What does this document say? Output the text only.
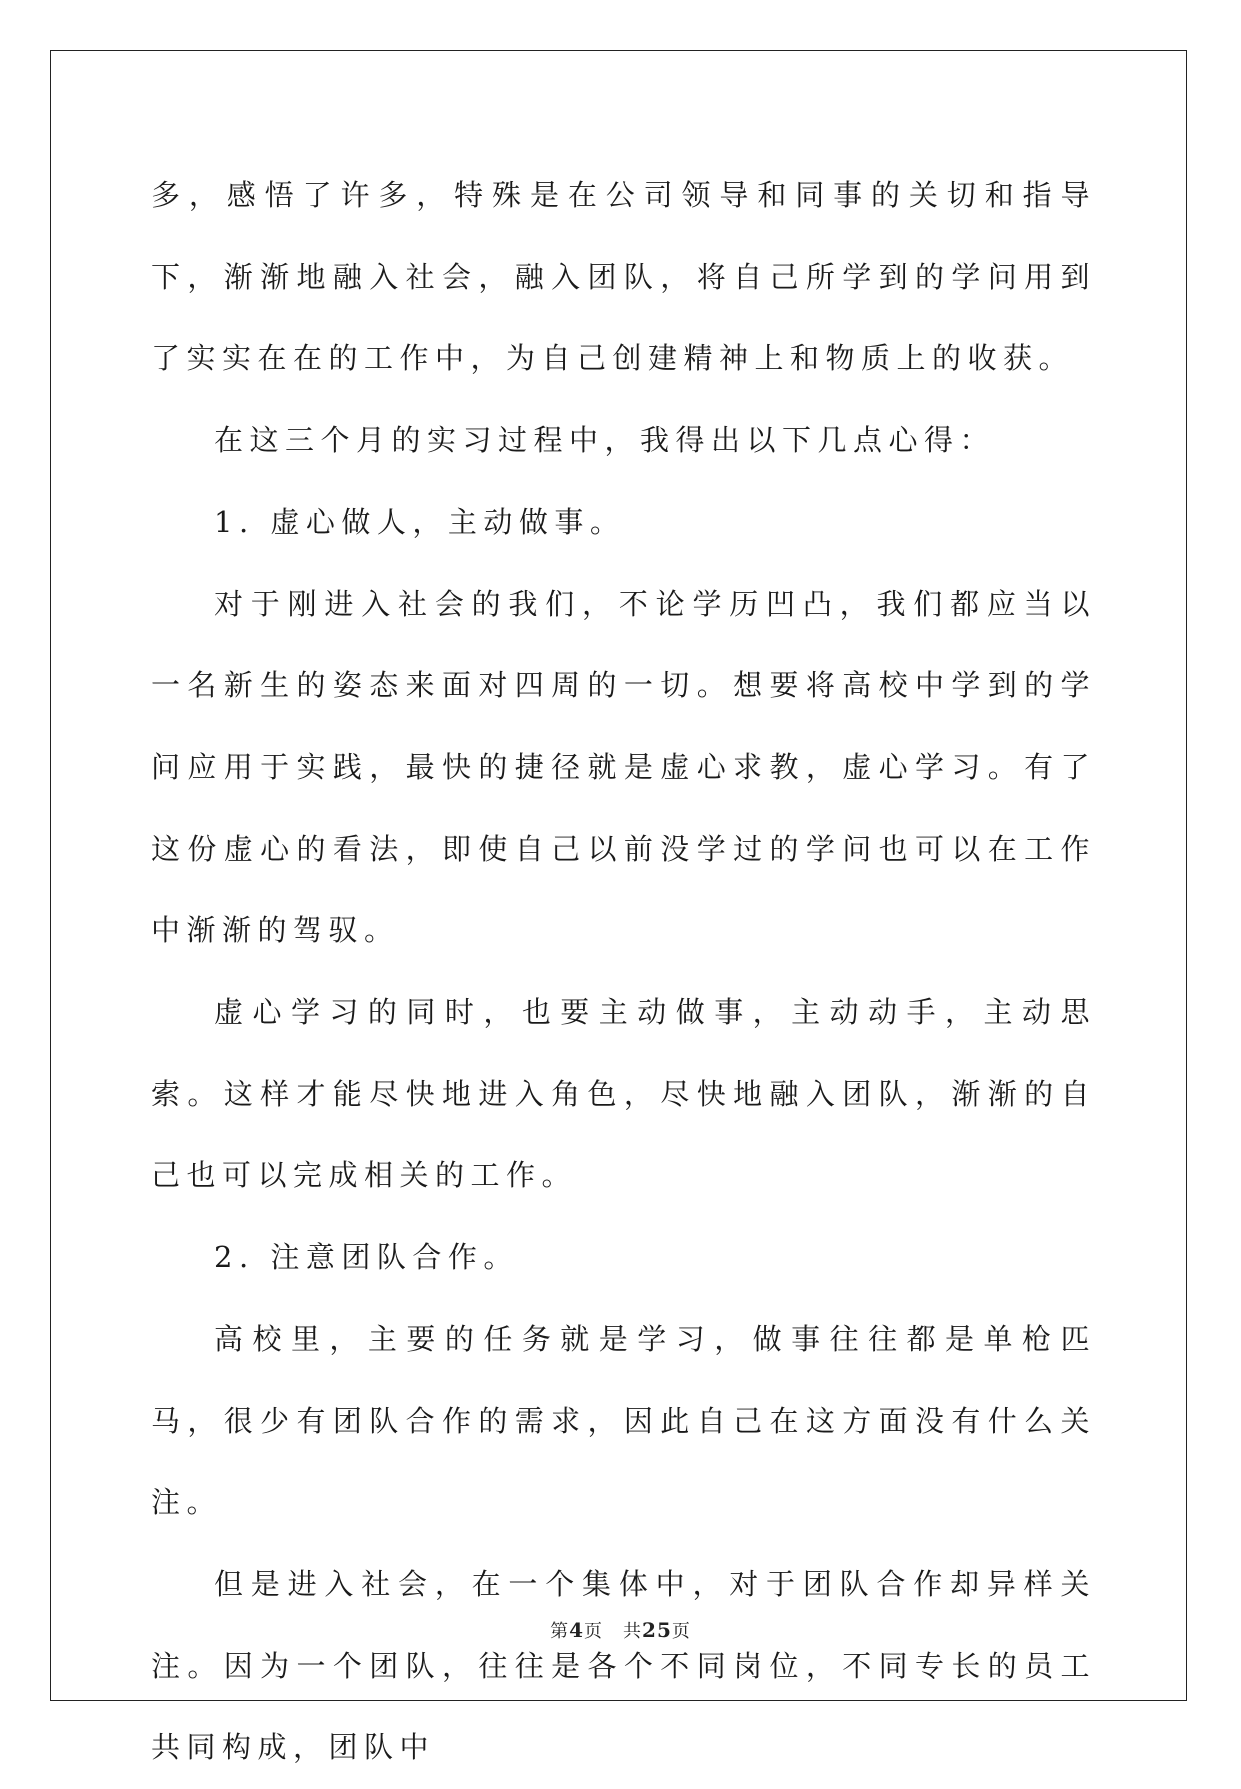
多，感悟了许多，特殊是在公司领导和同事的关切和指导下，渐渐地融入社会，融入团队，将自己所学到的学问用到了实实在在的工作中，为自己创建精神上和物质上的收获。

在这三个月的实习过程中，我得出以下几点心得：

1. 虚心做人，主动做事。

对于刚进入社会的我们，不论学历凹凸，我们都应当以一名新生的姿态来面对四周的一切。想要将高校中学到的学问应用于实践，最快的捷径就是虚心求教，虚心学习。有了这份虚心的看法，即使自己以前没学过的学问也可以在工作中渐渐的驾驭。

虚心学习的同时，也要主动做事，主动动手，主动思索。这样才能尽快地进入角色，尽快地融入团队，渐渐的自己也可以完成相关的工作。

2. 注意团队合作。

高校里，主要的任务就是学习，做事往往都是单枪匹马，很少有团队合作的需求，因此自己在这方面没有什么关注。

但是进入社会，在一个集体中，对于团队合作却异样关注。因为一个团队，往往是各个不同岗位，不同专长的员工共同构成，团队中

第4页 共25页
